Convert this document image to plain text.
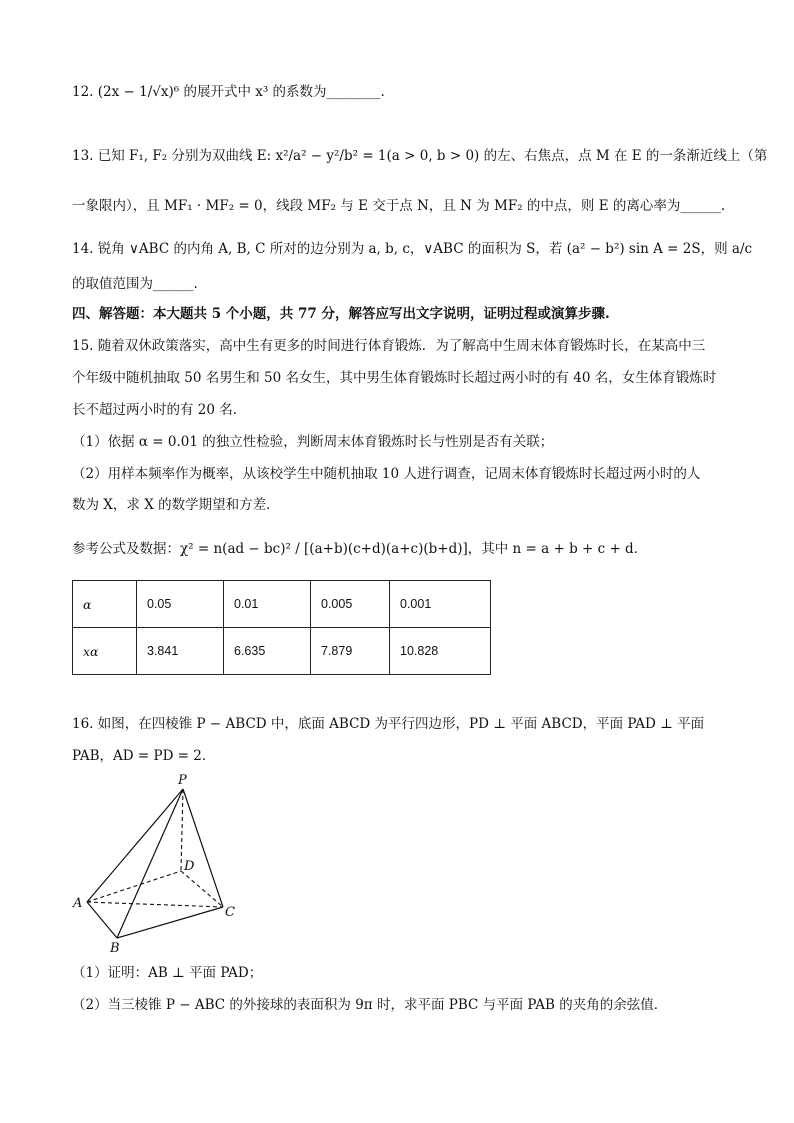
12. (2x − 1/√x)⁶ 的展开式中 x³ 的系数为________.
13. 已知 F₁, F₂ 分别为双曲线 E: x²/a² − y²/b² = 1(a > 0, b > 0) 的左、右焦点，点 M 在 E 的一条渐近线上（第
一象限内），且 MF₁ · MF₂ = 0，线段 MF₂ 与 E 交于点 N，且 N 为 MF₂ 的中点，则 E 的离心率为______.
14. 锐角 ∨ABC 的内角 A, B, C 所对的边分别为 a, b, c，∨ABC 的面积为 S，若 (a² − b²) sin A = 2S，则 a/c
的取值范围为______.
四、解答题：本大题共 5 个小题，共 77 分，解答应写出文字说明，证明过程或演算步骤.
15. 随着双休政策落实，高中生有更多的时间进行体育锻炼．为了解高中生周末体育锻炼时长，在某高中三
个年级中随机抽取 50 名男生和 50 名女生，其中男生体育锻炼时长超过两小时的有 40 名，女生体育锻炼时
长不超过两小时的有 20 名．
（1）依据 α = 0.01 的独立性检验，判断周末体育锻炼时长与性别是否有关联；
（2）用样本频率作为概率，从该校学生中随机抽取 10 人进行调查，记周末体育锻炼时长超过两小时的人
数为 X，求 X 的数学期望和方差．
参考公式及数据：χ² = n(ad − bc)² / [(a+b)(c+d)(a+c)(b+d)]，其中 n = a + b + c + d．
α	0.05	0.01	0.005	0.001
xα	3.841	6.635	7.879	10.828
16. 如图，在四棱锥 P − ABCD 中，底面 ABCD 为平行四边形，PD ⊥ 平面 ABCD，平面 PAD ⊥ 平面
PAB，AD = PD = 2．
P
D
A
B
C
（1）证明：AB ⊥ 平面 PAD；
（2）当三棱锥 P − ABC 的外接球的表面积为 9π 时，求平面 PBC 与平面 PAB 的夹角的余弦值．
